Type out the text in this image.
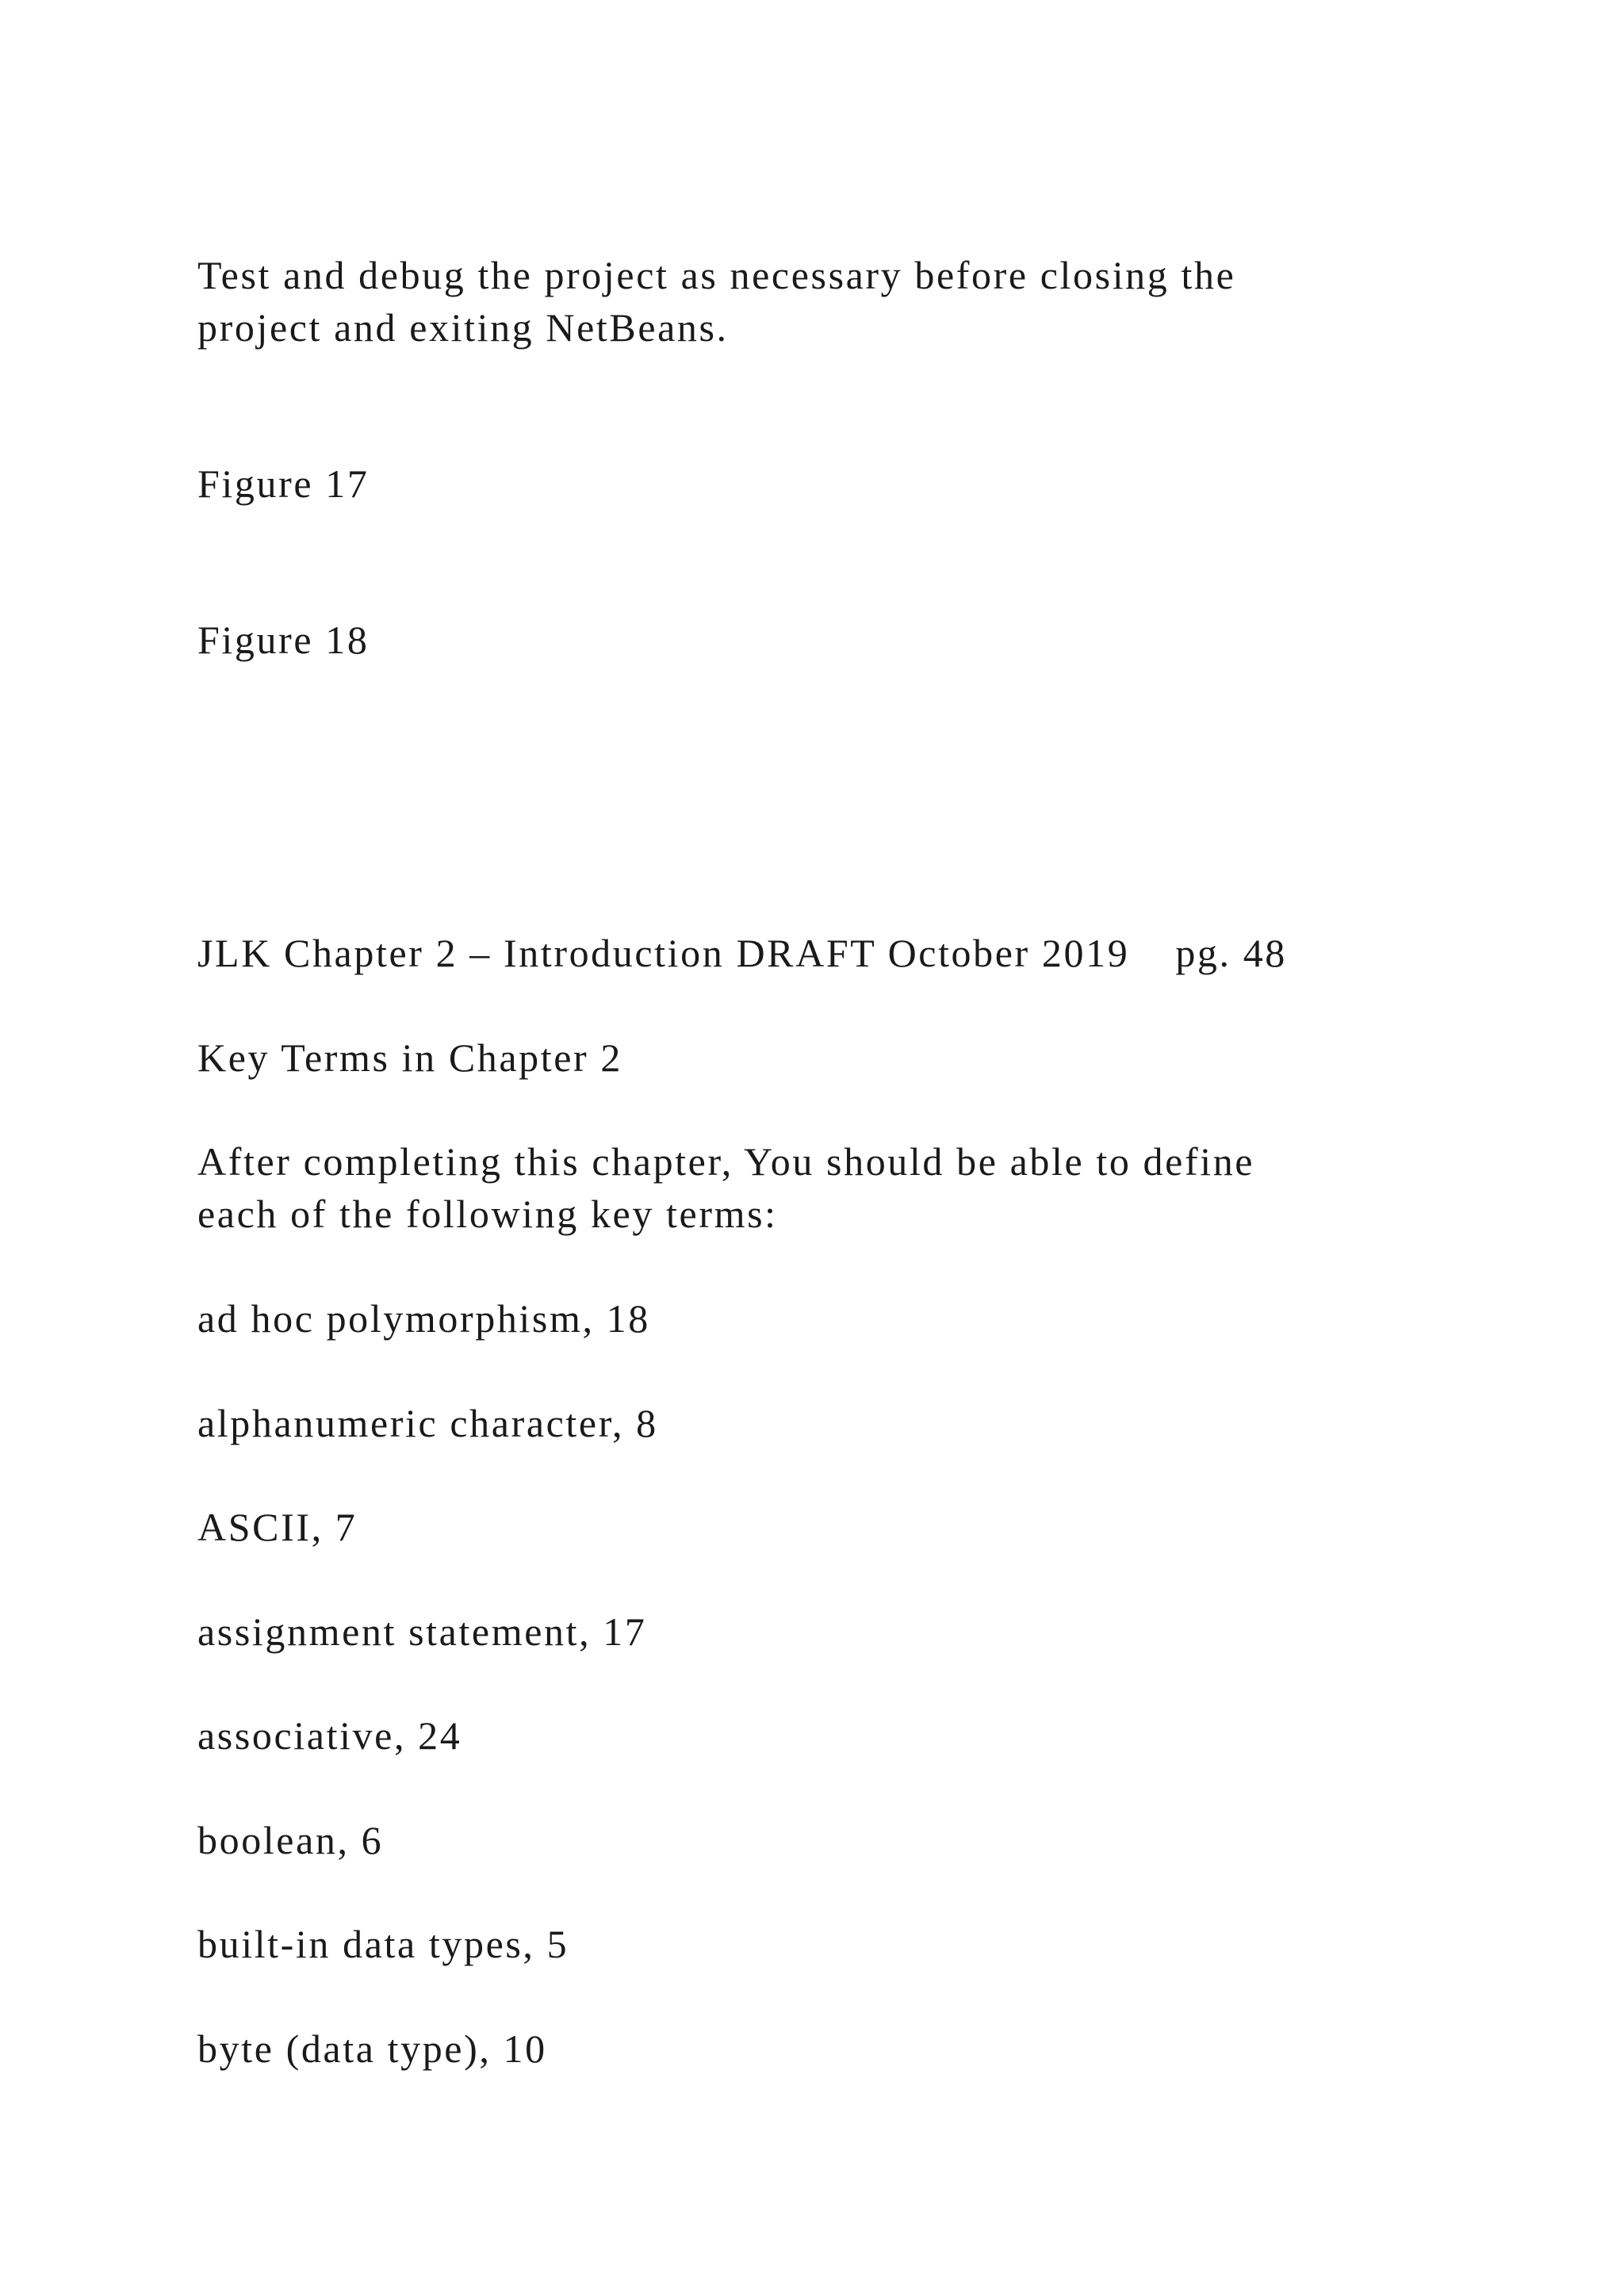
Test and debug the project as necessary before closing the

project and exiting NetBeans.

Figure 17

Figure 18

JLK Chapter 2 – Introduction DRAFT October 2019 pg. 48

Key Terms in Chapter 2

After completing this chapter, You should be able to define

each of the following key terms:

ad hoc polymorphism, 18

alphanumeric character, 8

ASCII, 7

assignment statement, 17

associative, 24

boolean, 6

built-in data types, 5

byte (data type), 10
